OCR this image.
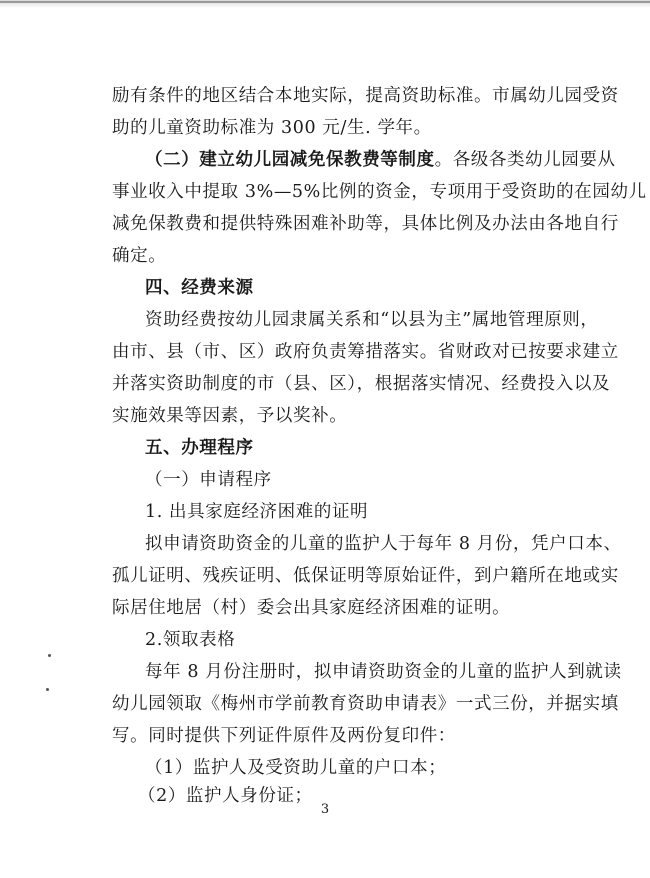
励有条件的地区结合本地实际，提高资助标准。市属幼儿园受资
助的儿童资助标准为 300 元/生. 学年。
（二）建立幼儿园减免保教费等制度。各级各类幼儿园要从
事业收入中提取 3%—5%比例的资金，专项用于受资助的在园幼儿
减免保教费和提供特殊困难补助等，具体比例及办法由各地自行
确定。
四、经费来源
资助经费按幼儿园隶属关系和“以县为主”属地管理原则，
由市、县（市、区）政府负责筹措落实。省财政对已按要求建立
并落实资助制度的市（县、区），根据落实情况、经费投入以及
实施效果等因素，予以奖补。
五、办理程序
（一）申请程序
1. 出具家庭经济困难的证明
拟申请资助资金的儿童的监护人于每年 8 月份，凭户口本、
孤儿证明、残疾证明、低保证明等原始证件，到户籍所在地或实
际居住地居（村）委会出具家庭经济困难的证明。
2.领取表格
每年 8 月份注册时，拟申请资助资金的儿童的监护人到就读
幼儿园领取《梅州市学前教育资助申请表》一式三份，并据实填
写。同时提供下列证件原件及两份复印件：
（1）监护人及受资助儿童的户口本；
（2）监护人身份证；
3
